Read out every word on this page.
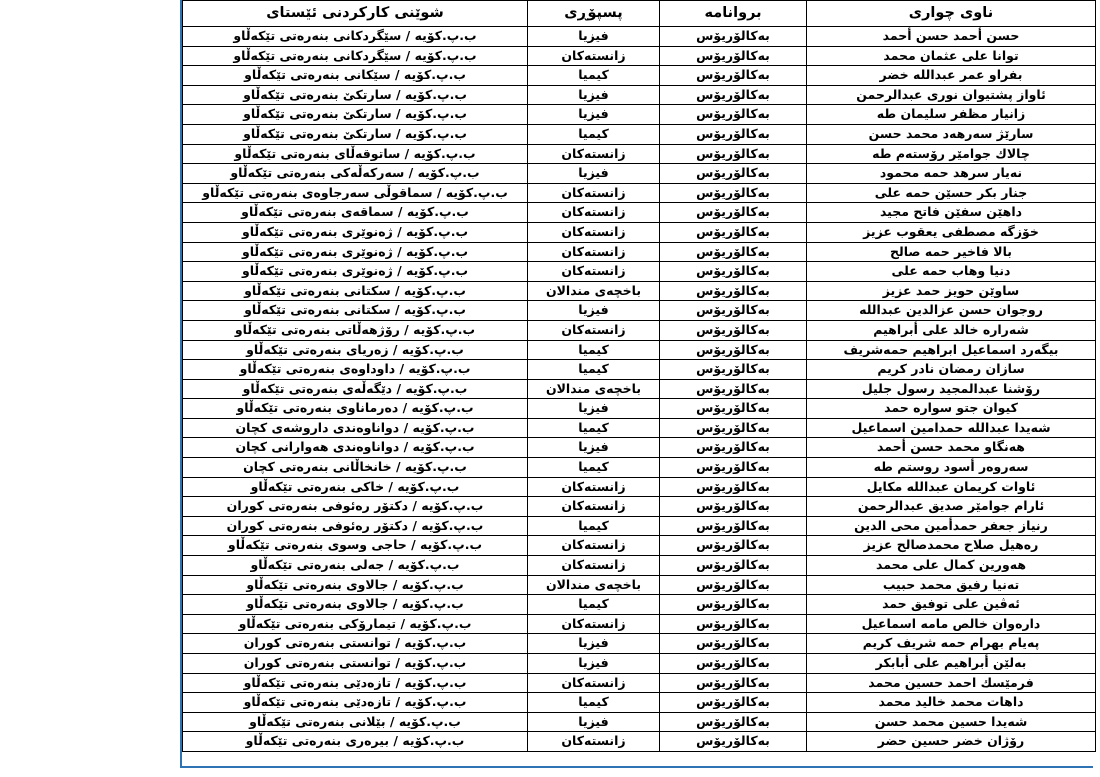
ناوی چواری	بروانامه	پسپۆڕی	شوێنی کارکردنی ئێستای
حسن أحمد حسن أحمد	بەكالۆریۆس	فیزیا	ب.پ.كۆیە / سێگردكانی بنەرەتی تێكەڵاو
توانا علی عثمان محمد	بەكالۆریۆس	زانستەكان	ب.پ.كۆیە / سێگردكانی بنەرەتی تێكەڵاو
بفراو عمر عبداللە خضر	بەكالۆریۆس	كیمیا	ب.پ.كۆیە / سێكانی بنەرەتی تێكەڵاو
ئاواز پشتیوان نوری عبدالرحمن	بەكالۆریۆس	فیزیا	ب.پ.كۆیە / سارتكێ بنەرەتی تێكەڵاو
زانیار مظفر سلیمان طە	بەكالۆریۆس	فیزیا	ب.پ.كۆیە / سارتكێ بنەرەتی تێكەڵاو
سارێژ سەرهەد محمد حسن	بەكالۆریۆس	كیمیا	ب.پ.كۆیە / سارتكێ بنەرەتی تێكەڵاو
چالاك جوامێر رۆستەم طە	بەكالۆریۆس	زانستەكان	ب.پ.كۆیە / ساتوقەڵای بنەرەتی تێكەڵاو
نەیار سرهد حمە محمود	بەكالۆریۆس	فیزیا	ب.پ.كۆیە / سەركەڵەكی بنەرەتی تێكەڵاو
جنار بكر حسێن حمە علی	بەكالۆریۆس	زانستەكان	ب.پ.كۆیە / سماقوڵی سەرجاوەی بنەرەتی تێكەڵاو
داهێن سفێن فاتح مجید	بەكالۆریۆس	زانستەكان	ب.پ.كۆیە / سماقەی بنەرەتی تێكەڵاو
خۆزگە مصطفی یعقوب عزیز	بەكالۆریۆس	زانستەكان	ب.پ.كۆیە / ژەنوێری بنەرەتی تێكەڵاو
بالا فاخیر حمە صالح	بەكالۆریۆس	زانستەكان	ب.پ.كۆیە / ژەنوێری بنەرەتی تێكەڵاو
دنیا وهاب حمە علی	بەكالۆریۆس	زانستەكان	ب.پ.كۆیە / ژەنوێری بنەرەتی تێكەڵاو
ساوێن حویز حمد عزیز	بەكالۆریۆس	باخچەی مندالان	ب.پ.كۆیە / سكتانی بنەرەتی تێكەڵاو
روجوان حسن عزالدین عبداللە	بەكالۆریۆس	فیزیا	ب.پ.كۆیە / سكتانی بنەرەتی تێكەڵاو
شەرارە خالد علی أبراهیم	بەكالۆریۆس	زانستەكان	ب.پ.كۆیە / رۆژهەڵاتی بنەرەتی تێكەڵاو
بیگەرد اسماعیل ابراهیم حمەشریف	بەكالۆریۆس	كیمیا	ب.پ.كۆیە / زەریای بنەرەتی تێكەڵاو
سازان رمضان نادر كریم	بەكالۆریۆس	كیمیا	ب.پ.كۆیە / داوداوەی بنەرەتی تێكەڵاو
رۆشنا عبدالمجید رسول جلیل	بەكالۆریۆس	باخچەی مندالان	ب.پ.كۆیە / دێگەڵەی بنەرەتی تێكەڵاو
كیوان جتو سوارە حمد	بەكالۆریۆس	فیزیا	ب.پ.كۆیە / دەرماناوی بنەرەتی تێكەڵاو
شەیدا عبداللە حمدامین اسماعیل	بەكالۆریۆس	كیمیا	ب.پ.كۆیە / دواناوەندی داروشەی كچان
هەنگاو محمد حسن أحمد	بەكالۆریۆس	فیزیا	ب.پ.كۆیە / دواناوەندی هەوارانی كچان
سەروەر أسود روستم طە	بەكالۆریۆس	كیمیا	ب.پ.كۆیە / خانخاڵانی بنەرەتی كچان
ئاوات كریمان عبداللە مكایل	بەكالۆریۆس	زانستەكان	ب.پ.كۆیە / خاكی بنەرەتی تێكەڵاو
ئارام جوامێر صدیق عبدالرحمن	بەكالۆریۆس	زانستەكان	ب.پ.كۆیە / دكتۆر رەئوفی بنەرەتی كوران
رنیاز جعفر حمدأمین محی الدین	بەكالۆریۆس	كیمیا	ب.پ.كۆیە / دكتۆر رەئوفی بنەرەتی كوران
رەهیل صلاح محمدصالح عزیز	بەكالۆریۆس	زانستەكان	ب.پ.كۆیە / حاجی وسوی بنەرەتی تێكەڵاو
هەورین كمال علی محمد	بەكالۆریۆس	زانستەكان	ب.پ.كۆیە / جەلی بنەرەتی تێكەڵاو
تەنیا رفیق محمد حبیب	بەكالۆریۆس	باخچەی مندالان	ب.پ.كۆیە / جالاوی بنەرەتی تێكەڵاو
ئەڤین علی توفیق حمد	بەكالۆریۆس	كیمیا	ب.پ.كۆیە / جالاوی بنەرەتی تێكەڵاو
دارەوان خالص مامە اسماعیل	بەكالۆریۆس	زانستەكان	ب.پ.كۆیە / تیمارۆكی بنەرەتی تێكەڵاو
پەیام بهرام حمە شریف كریم	بەكالۆریۆس	فیزیا	ب.پ.كۆیە / توانستی بنەرەتی كوران
بەلێن أبراهیم علی أبابكر	بەكالۆریۆس	فیزیا	ب.پ.كۆیە / توانستی بنەرەتی كوران
فرمێسك احمد حسین محمد	بەكالۆریۆس	زانستەكان	ب.پ.كۆیە / تازەدێی بنەرەتی تێكەڵاو
داهات محمد خالید محمد	بەكالۆریۆس	كیمیا	ب.پ.كۆیە / تازەدێی بنەرەتی تێكەڵاو
شەیدا حسین محمد حسن	بەكالۆریۆس	فیزیا	ب.پ.كۆیە / بێلانی بنەرەتی تێكەڵاو
رۆژان خضر حسین حضر	بەكالۆریۆس	زانستەكان	ب.پ.كۆیە / بیرەری بنەرەتی تێكەڵاو
